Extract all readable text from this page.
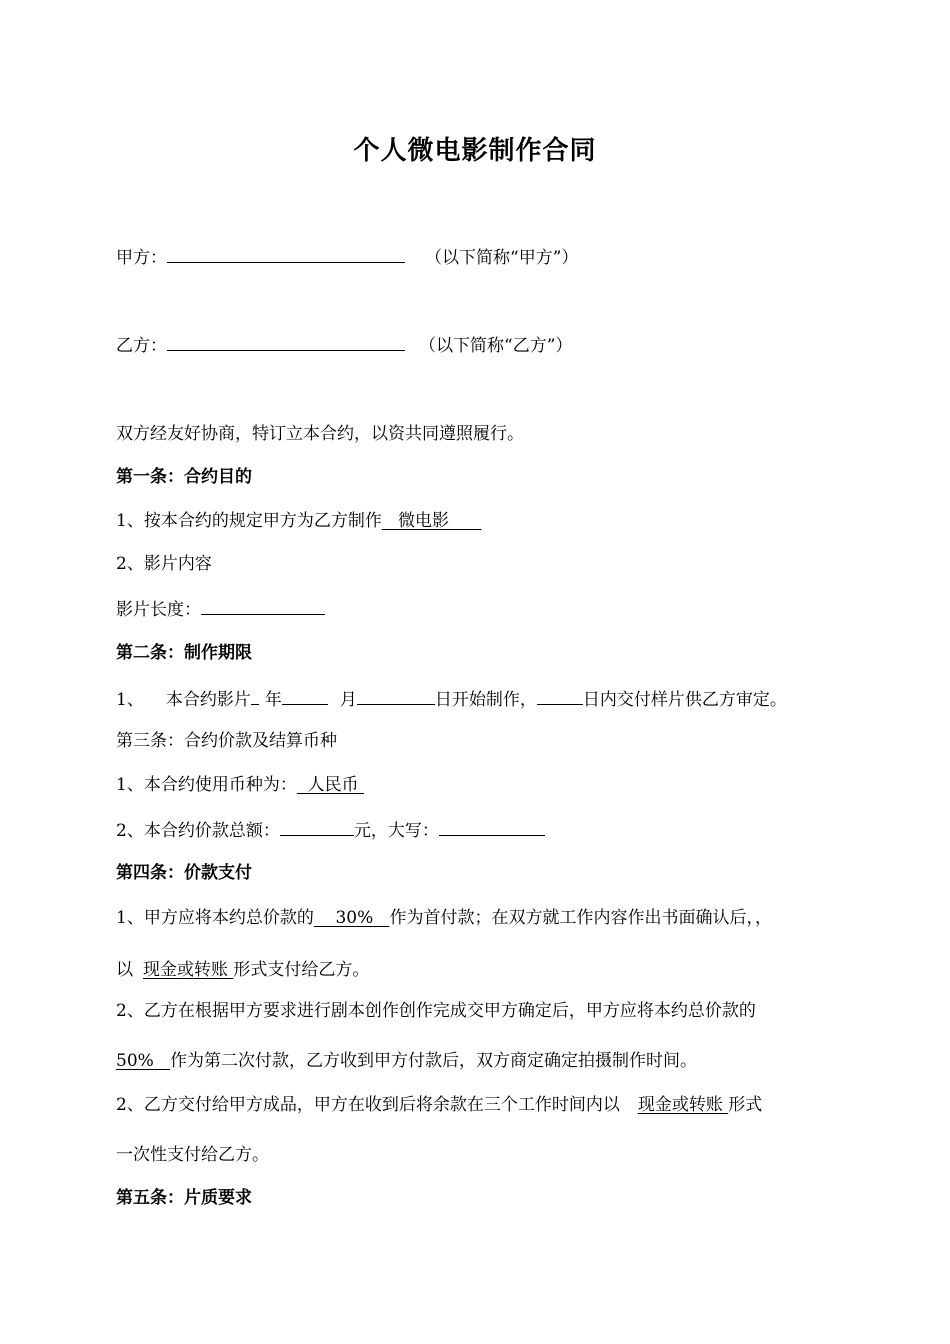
个人微电影制作合同
甲方：	（以下简称“甲方”）
乙方：	（以下简称“乙方”）
双方经友好协商，特订立本合约，以资共同遵照履行。
第一条：合约目的
1、按本合约的规定甲方为乙方制作 微电影
2、影片内容
影片长度：
第二条：制作期限
1、 本合约影片 年	月	日开始制作，	日内交付样片供乙方审定。
第三条：合约价款及结算币种
1、本合约使用币种为： 人民币
2、本合约价款总额：	元，大写：
第四条：价款支付
1、甲方应将本约总价款的 30% 作为首付款；在双方就工作内容作出书面确认后，，
以 现金或转账 形式支付给乙方。
2、乙方在根据甲方要求进行剧本创作创作完成交甲方确定后，甲方应将本约总价款的
50% 作为第二次付款，乙方收到甲方付款后，双方商定确定拍摄制作时间。
2、乙方交付给甲方成品，甲方在收到后将余款在三个工作时间内以 现金或转账 形式
一次性支付给乙方。
第五条：片质要求
